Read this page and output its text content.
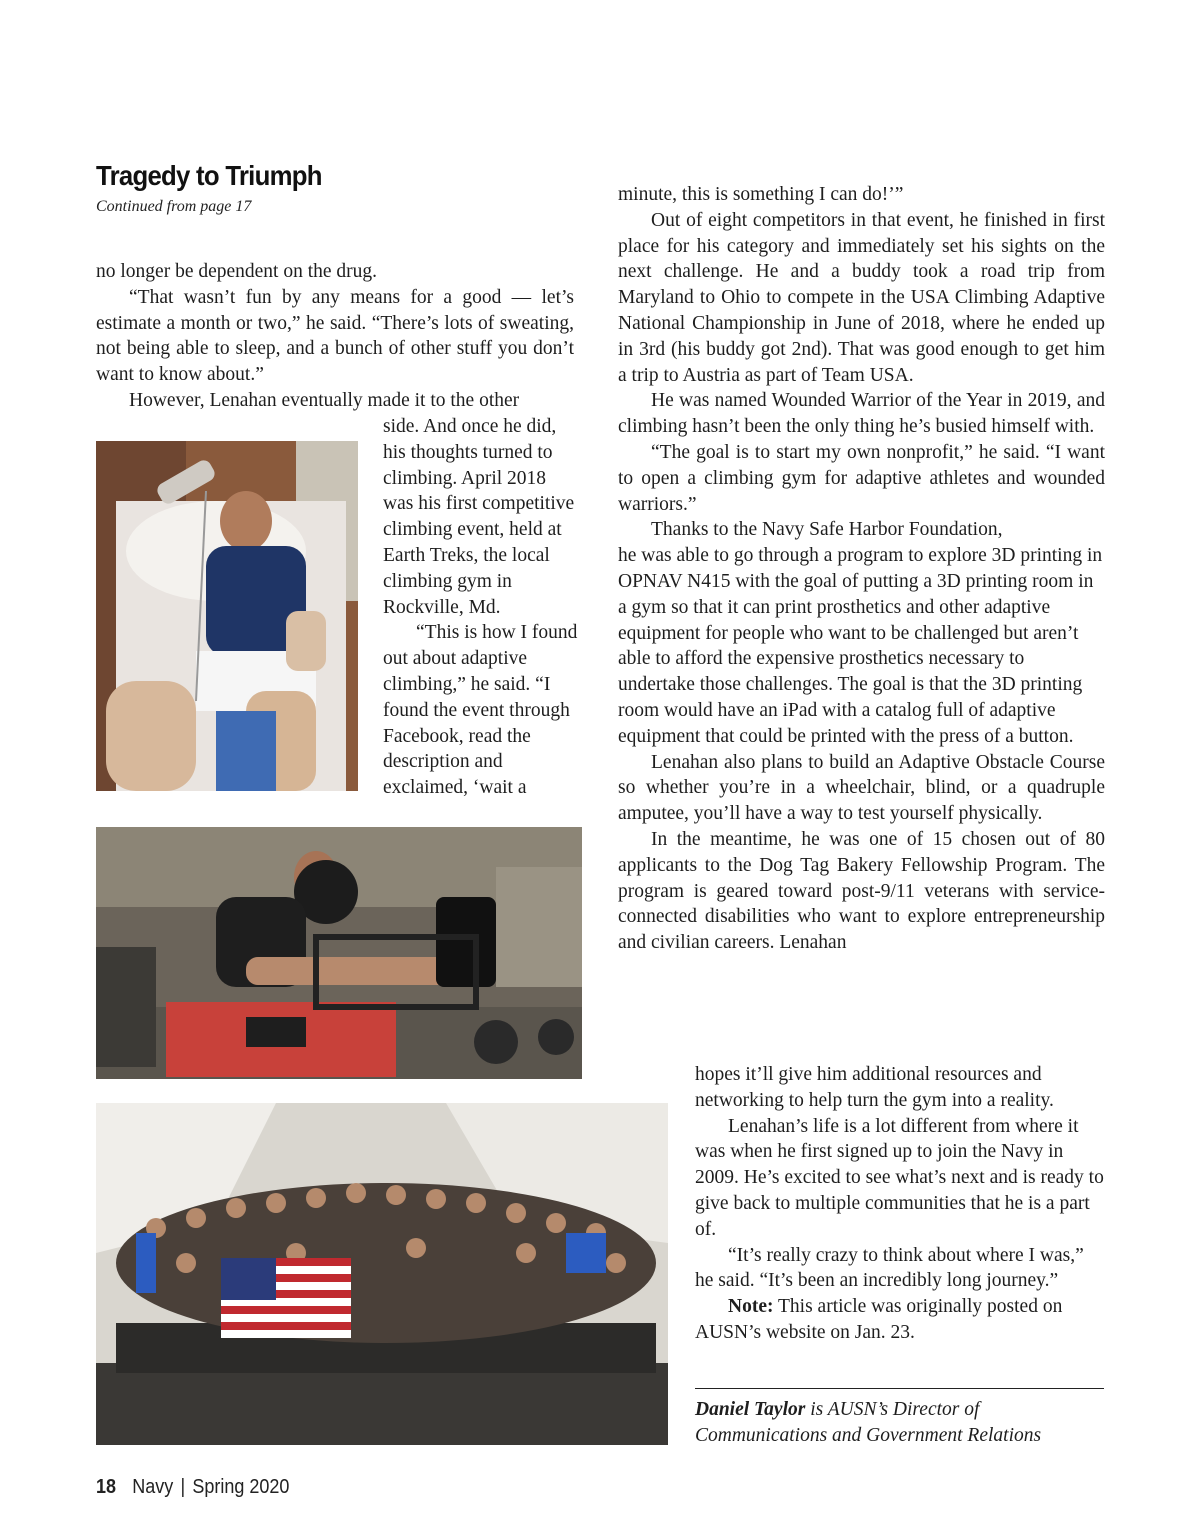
Tragedy to Triumph

Continued from page 17

no longer be dependent on the drug.

“That wasn’t fun by any means for a good — let’s estimate a month or two,” he said. “There’s lots of sweating, not being able to sleep, and a bunch of other stuff you don’t want to know about.”

However, Lenahan eventually made it to the other

side. And once he did, his thoughts turned to climbing. April 2018 was his first competitive climbing event, held at Earth Treks, the local climbing gym in Rockville, Md.

“This is how I found out about adaptive climbing,” he said. “I found the event through Facebook, read the description and exclaimed, ‘wait a

minute, this is something I can do!’”

Out of eight competitors in that event, he finished in first place for his category and immediately set his sights on the next challenge. He and a buddy took a road trip from Maryland to Ohio to compete in the USA Climbing Adaptive National Championship in June of 2018, where he ended up in 3rd (his buddy got 2nd). That was good enough to get him a trip to Austria as part of Team USA.

He was named Wounded Warrior of the Year in 2019, and climbing hasn’t been the only thing he’s busied himself with.

“The goal is to start my own nonprofit,” he said. “I want to open a climbing gym for adaptive athletes and wounded warriors.”

Thanks to the Navy Safe Harbor Foundation,

he was able to go through a program to explore 3D printing in OPNAV N415 with the goal of putting a 3D printing room in a gym so that it can print prosthetics and other adaptive equipment for people who want to be challenged but aren’t able to afford the expensive prosthetics necessary to undertake those challenges. The goal is that the 3D printing room would have an iPad with a catalog full of adaptive equipment that could be printed with the press of a button.

Lenahan also plans to build an Adaptive Obstacle Course so whether you’re in a wheelchair, blind, or a quadruple amputee, you’ll have a way to test yourself physically.

In the meantime, he was one of 15 chosen out of 80 applicants to the Dog Tag Bakery Fellowship Program. The program is geared toward post-9/11 veterans with service-connected disabilities who want to explore entrepreneurship and civilian careers. Lenahan

hopes it’ll give him additional resources and networking to help turn the gym into a reality.

Lenahan’s life is a lot different from where it was when he first signed up to join the Navy in 2009. He’s excited to see what’s next and is ready to give back to multiple communities that he is a part of.

“It’s really crazy to think about where I was,” he said. “It’s been an incredibly long journey.”

Note: This article was originally posted on AUSN’s website on Jan. 23.

Daniel Taylor is AUSN’s Director of Communications and Government Relations
18 Navy | Spring 2020
